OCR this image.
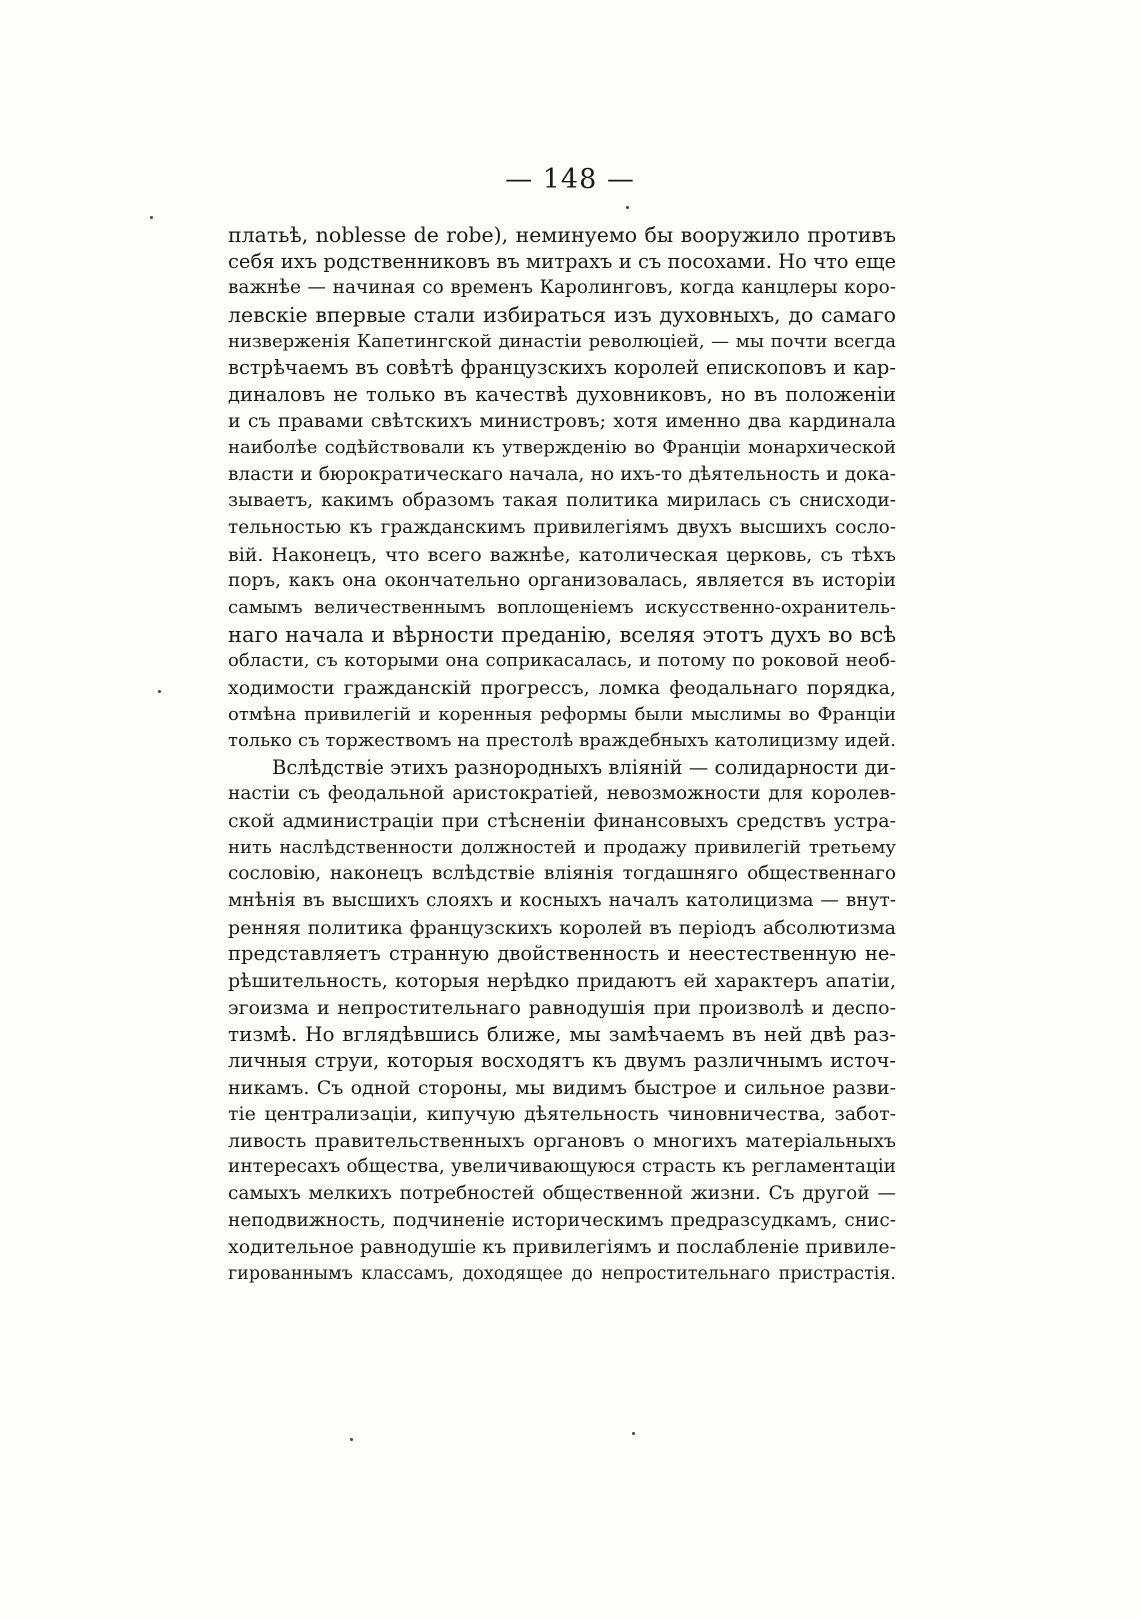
— 148 —
платьѣ, noblesse de robe), неминуемо бы вооружило противъ
себя ихъ родственниковъ въ митрахъ и съ посохами. Но что еще
важнѣе — начиная со временъ Каролинговъ, когда канцлеры коро-
левскіе впервые стали избираться изъ духовныхъ, до самаго
низверженія Капетингской династіи революціей, — мы почти всегда
встрѣчаемъ въ совѣтѣ французскихъ королей епископовъ и кар-
диналовъ не только въ качествѣ духовниковъ, но въ положеніи
и съ правами свѣтскихъ министровъ; хотя именно два кардинала
наиболѣе содѣйствовали къ утвержденію во Франціи монархической
власти и бюрократическаго начала, но ихъ-то дѣятельность и дока-
зываетъ, какимъ образомъ такая политика мирилась съ снисходи-
тельностью къ гражданскимъ привилегіямъ двухъ высшихъ сосло-
вій. Наконецъ, что всего важнѣе, католическая церковь, съ тѣхъ
поръ, какъ она окончательно организовалась, является въ исторіи
самымъ величественнымъ воплощеніемъ искусственно-охранитель-
наго начала и вѣрности преданію, вселяя этотъ духъ во всѣ
области, съ которыми она соприкасалась, и потому по роковой необ-
ходимости гражданскій прогрессъ, ломка феодальнаго порядка,
отмѣна привилегій и коренныя реформы были мыслимы во Франціи
только съ торжествомъ на престолѣ враждебныхъ католицизму идей.
Вслѣдствіе этихъ разнородныхъ вліяній — солидарности ди-
настіи съ феодальной аристократіей, невозможности для королев-
ской администраціи при стѣсненіи финансовыхъ средствъ устра-
нить наслѣдственности должностей и продажу привилегій третьему
сословію, наконецъ вслѣдствіе вліянія тогдашняго общественнаго
мнѣнія въ высшихъ слояхъ и косныхъ началъ католицизма — внут-
ренняя политика французскихъ королей въ періодъ абсолютизма
представляетъ странную двойственность и неестественную не-
рѣшительность, которыя нерѣдко придаютъ ей характеръ апатіи,
эгоизма и непростительнаго равнодушія при произволѣ и деспо-
тизмѣ. Но вглядѣвшись ближе, мы замѣчаемъ въ ней двѣ раз-
личныя струи, которыя восходятъ къ двумъ различнымъ источ-
никамъ. Съ одной стороны, мы видимъ быстрое и сильное разви-
тіе централизаціи, кипучую дѣятельность чиновничества, забот-
ливость правительственныхъ органовъ о многихъ матеріальныхъ
интересахъ общества, увеличивающуюся страсть къ регламентаціи
самыхъ мелкихъ потребностей общественной жизни. Съ другой —
неподвижность, подчиненіе историческимъ предразсудкамъ, снис-
ходительное равнодушіе къ привилегіямъ и послабленіе привиле-
гированнымъ классамъ, доходящее до непростительнаго пристрастія.
